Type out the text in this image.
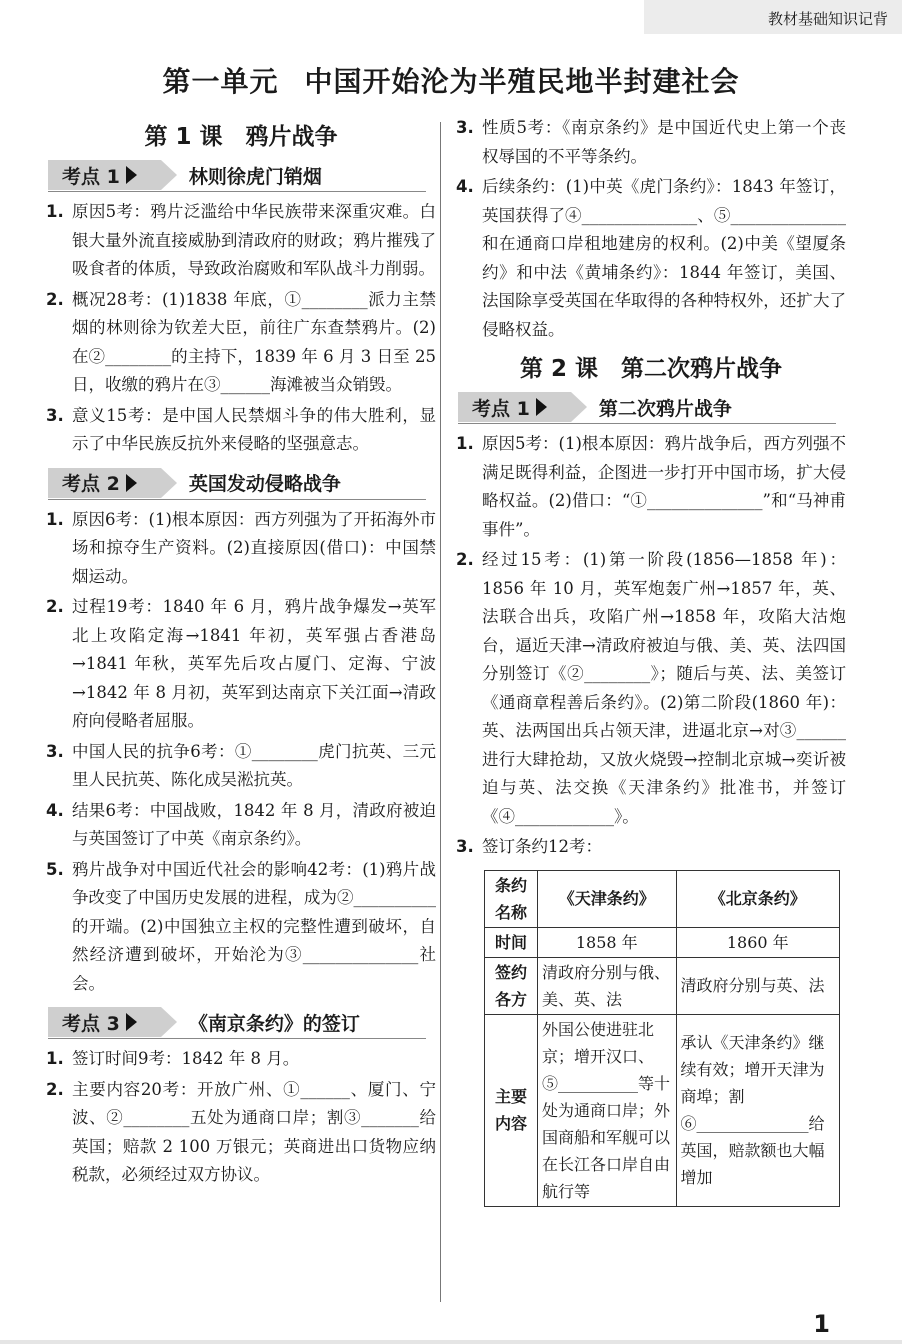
教材基础知识记背
第一单元 中国开始沦为半殖民地半封建社会
第 1 课　鸦片战争
考点 1	林则徐虎门销烟
1. 原因5考：鸦片泛滥给中华民族带来深重灾难。白银大量外流直接威胁到清政府的财政；鸦片摧残了吸食者的体质，导致政治腐败和军队战斗力削弱。
2. 概况28考：(1)1838 年底，①________派力主禁烟的林则徐为钦差大臣，前往广东查禁鸦片。(2)在②________的主持下，1839 年 6 月 3 日至 25 日，收缴的鸦片在③______海滩被当众销毁。
3. 意义15考：是中国人民禁烟斗争的伟大胜利，显示了中华民族反抗外来侵略的坚强意志。
考点 2	英国发动侵略战争
1. 原因6考：(1)根本原因：西方列强为了开拓海外市场和掠夺生产资料。(2)直接原因(借口)：中国禁烟运动。
2. 过程19考：1840 年 6 月，鸦片战争爆发→英军北上攻陷定海→1841 年初，英军强占香港岛→1841 年秋，英军先后攻占厦门、定海、宁波→1842 年 8 月初，英军到达南京下关江面→清政府向侵略者屈服。
3. 中国人民的抗争6考：①________虎门抗英、三元里人民抗英、陈化成吴淞抗英。
4. 结果6考：中国战败，1842 年 8 月，清政府被迫与英国签订了中英《南京条约》。
5. 鸦片战争对中国近代社会的影响42考：(1)鸦片战争改变了中国历史发展的进程，成为②__________的开端。(2)中国独立主权的完整性遭到破坏，自然经济遭到破坏，开始沦为③______________社会。
考点 3	《南京条约》的签订
1. 签订时间9考：1842 年 8 月。
2. 主要内容20考：开放广州、①______、厦门、宁波、②________五处为通商口岸；割③_______给英国；赔款 2 100 万银元；英商进出口货物应纳税款，必须经过双方协议。
3. 性质5考：《南京条约》是中国近代史上第一个丧权辱国的不平等条约。
4. 后续条约：(1)中英《虎门条约》：1843 年签订，英国获得了④______________、⑤______________和在通商口岸租地建房的权利。(2)中美《望厦条约》和中法《黄埔条约》：1844 年签订，美国、法国除享受英国在华取得的各种特权外，还扩大了侵略权益。
第 2 课　第二次鸦片战争
考点 1	第二次鸦片战争
1. 原因5考：(1)根本原因：鸦片战争后，西方列强不满足既得利益，企图进一步打开中国市场，扩大侵略权益。(2)借口：“①______________”和“马神甫事件”。
2. 经过15考：(1)第一阶段(1856—1858 年)：1856 年 10 月，英军炮轰广州→1857 年，英、法联合出兵，攻陷广州→1858 年，攻陷大沽炮台，逼近天津→清政府被迫与俄、美、英、法四国分别签订《②________》；随后与英、法、美签订《通商章程善后条约》。(2)第二阶段(1860 年)：英、法两国出兵占领天津，进逼北京→对③______进行大肆抢劫，又放火烧毁→控制北京城→奕䜣被迫与英、法交换《天津条约》批准书，并签订《④____________》。
3. 签订条约12考：
条约名称	《天津条约》	《北京条约》
时间	1858 年	1860 年
签约各方	清政府分别与俄、美、英、法	清政府分别与英、法
主要内容	外国公使进驻北京；增开汉口、⑤__________等十处为通商口岸；外国商船和军舰可以在长江各口岸自由航行等	承认《天津条约》继续有效；增开天津为商埠；割⑥______________给英国，赔款额也大幅增加
1
